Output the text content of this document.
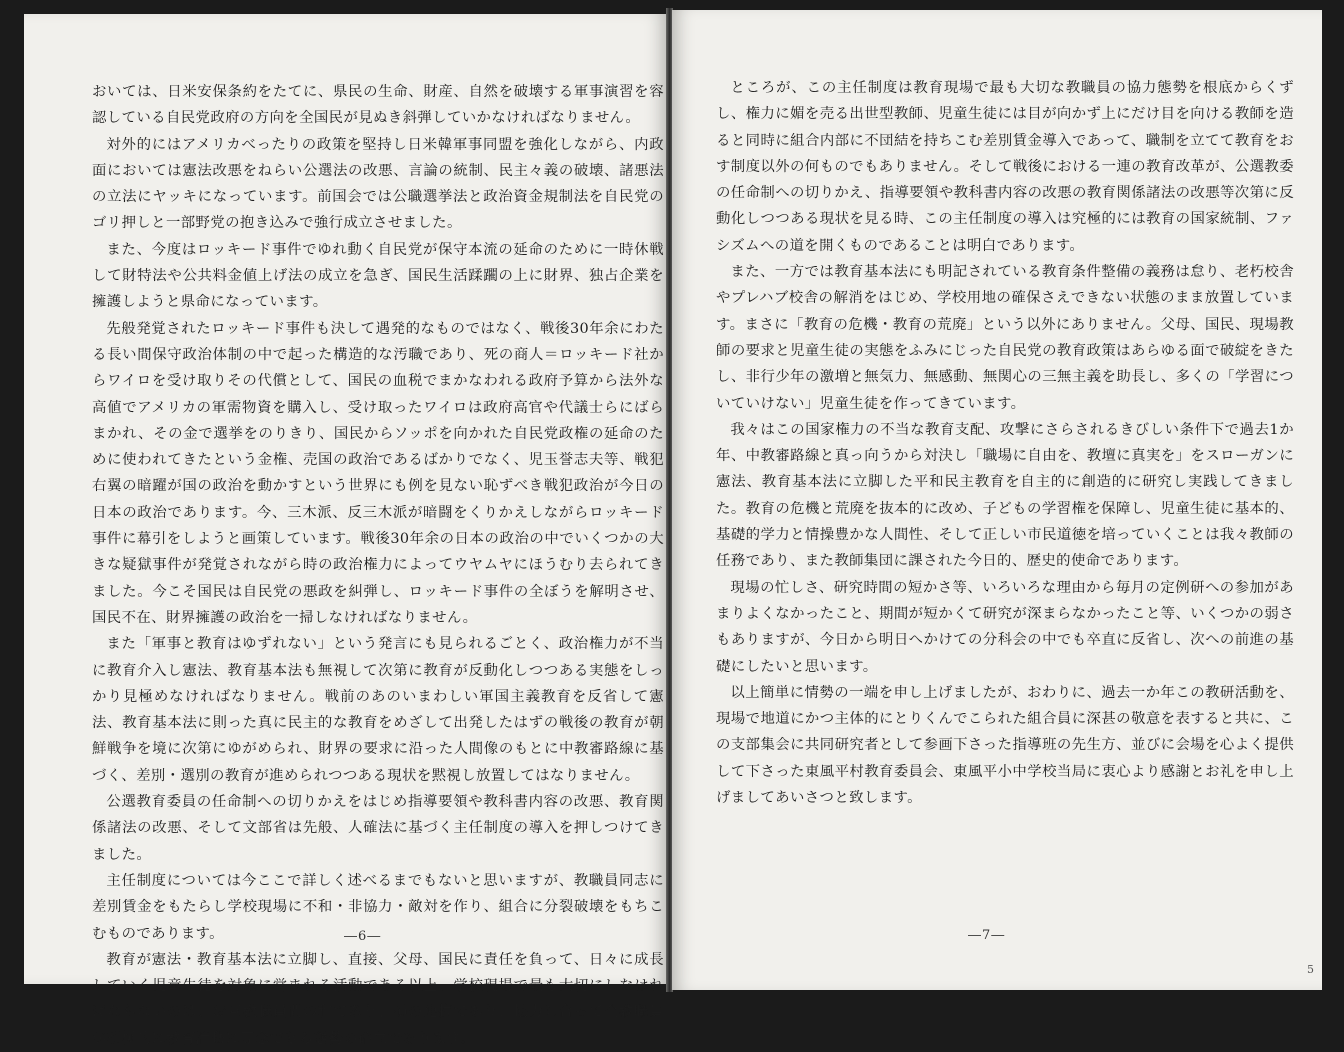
おいては、日米安保条約をたてに、県民の生命、財産、自然を破壊する軍事演習を容認している自民党政府の方向を全国民が見ぬき斜弾していかなければなりません。

対外的にはアメリカべったりの政策を堅持し日米韓軍事同盟を強化しながら、内政面においては憲法改悪をねらい公選法の改悪、言論の統制、民主々義の破壊、諸悪法の立法にヤッキになっています。前国会では公職選挙法と政治資金規制法を自民党のゴリ押しと一部野党の抱き込みで強行成立させました。

また、今度はロッキード事件でゆれ動く自民党が保守本流の延命のために一時休戦して財特法や公共料金値上げ法の成立を急ぎ、国民生活蹂躙の上に財界、独占企業を擁護しようと県命になっています。

先般発覚されたロッキード事件も決して遇発的なものではなく、戦後30年余にわたる長い間保守政治体制の中で起った構造的な汚職であり、死の商人＝ロッキード社からワイロを受け取りその代償として、国民の血税でまかなわれる政府予算から法外な高値でアメリカの軍需物資を購入し、受け取ったワイロは政府高官や代議士らにばらまかれ、その金で選挙をのりきり、国民からソッポを向かれた自民党政権の延命のために使われてきたという金権、売国の政治であるばかりでなく、児玉誉志夫等、戦犯右翼の暗躍が国の政治を動かすという世界にも例を見ない恥ずべき戦犯政治が今日の日本の政治であります。今、三木派、反三木派が暗闘をくりかえしながらロッキード事件に幕引をしようと画策しています。戦後30年余の日本の政治の中でいくつかの大きな疑獄事件が発覚されながら時の政治権力によってウヤムヤにほうむり去られてきました。今こそ国民は自民党の悪政を糾弾し、ロッキード事件の全ぼうを解明させ、国民不在、財界擁護の政治を一掃しなければなりません。

また「軍事と教育はゆずれない」という発言にも見られるごとく、政治権力が不当に教育介入し憲法、教育基本法も無視して次第に教育が反動化しつつある実態をしっかり見極めなければなりません。戦前のあのいまわしい軍国主義教育を反省して憲法、教育基本法に則った真に民主的な教育をめざして出発したはずの戦後の教育が朝鮮戦争を境に次第にゆがめられ、財界の要求に沿った人間像のもとに中教審路線に基づく、差別・選別の教育が進められつつある現状を黙視し放置してはなりません。

公選教育委員の任命制への切りかえをはじめ指導要領や教科書内容の改悪、教育関係諸法の改悪、そして文部省は先般、人確法に基づく主任制度の導入を押しつけてきました。

主任制度については今ここで詳しく述べるまでもないと思いますが、教職員同志に差別賃金をもたらし学校現場に不和・非協力・敵対を作り、組合に分裂破壊をもちこむものであります。

教育が憲法・教育基本法に立脚し、直接、父母、国民に責任を負って、日々に成長していく児童生徒を対象に営まれる活動である以上、学校現場で最も大切にしなければならないのは、お互教職員間の和であり、横の連携であり、協力し合って全教職員が積極的に教育活動に専念できる態勢の確立であります。

―6―

ところが、この主任制度は教育現場で最も大切な教職員の協力態勢を根底からくずし、権力に媚を売る出世型教師、児童生徒には目が向かず上にだけ目を向ける教師を造ると同時に組合内部に不団結を持ちこむ差別賃金導入であって、職制を立てて教育をおす制度以外の何ものでもありません。そして戦後における一連の教育改革が、公選教委の任命制への切りかえ、指導要領や教科書内容の改悪の教育関係諸法の改悪等次第に反動化しつつある現状を見る時、この主任制度の導入は究極的には教育の国家統制、ファシズムへの道を開くものであることは明白であります。

また、一方では教育基本法にも明記されている教育条件整備の義務は怠り、老朽校舎やプレハブ校舎の解消をはじめ、学校用地の確保さえできない状態のまま放置しています。まさに「教育の危機・教育の荒廃」という以外にありません。父母、国民、現場教師の要求と児童生徒の実態をふみにじった自民党の教育政策はあらゆる面で破綻をきたし、非行少年の激増と無気力、無感動、無関心の三無主義を助長し、多くの「学習についていけない」児童生徒を作ってきています。

我々はこの国家権力の不当な教育支配、攻撃にさらされるきびしい条件下で過去1か年、中教審路線と真っ向うから対決し「職場に自由を、教壇に真実を」をスローガンに憲法、教育基本法に立脚した平和民主教育を自主的に創造的に研究し実践してきました。教育の危機と荒廃を抜本的に改め、子どもの学習権を保障し、児童生徒に基本的、基礎的学力と情操豊かな人間性、そして正しい市民道徳を培っていくことは我々教師の任務であり、また教師集団に課された今日的、歴史的使命であります。

現場の忙しさ、研究時間の短かさ等、いろいろな理由から毎月の定例研への参加があまりよくなかったこと、期間が短かくて研究が深まらなかったこと等、いくつかの弱さもありますが、今日から明日へかけての分科会の中でも卒直に反省し、次への前進の基礎にしたいと思います。

以上簡単に情勢の一端を申し上げましたが、おわりに、過去一か年この教研活動を、現場で地道にかつ主体的にとりくんでこられた組合員に深甚の敬意を表すると共に、この支部集会に共同研究者として参画下さった指導班の先生方、並びに会場を心よく提供して下さった東風平村教育委員会、東風平小中学校当局に衷心より感謝とお礼を申し上げましてあいさつと致します。

―7―
5
